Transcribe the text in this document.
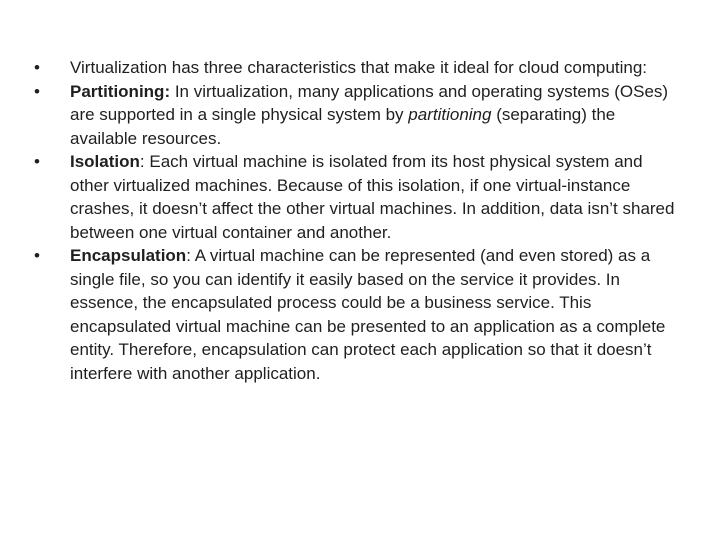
•	Virtualization has three characteristics that make it ideal for cloud computing:
•	Partitioning: In virtualization, many applications and operating systems (OSes) are supported in a single physical system by partitioning (separating) the available resources.
•	Isolation: Each virtual machine is isolated from its host physical system and other virtualized machines. Because of this isolation, if one virtual-instance crashes, it doesn’t affect the other virtual machines. In addition, data isn’t shared between one virtual container and another.
•	Encapsulation: A virtual machine can be represented (and even stored) as a single file, so you can identify it easily based on the service it provides. In essence, the encapsulated process could be a business service. This encapsulated virtual machine can be presented to an application as a complete entity. Therefore, encapsulation can protect each application so that it doesn’t interfere with another application.
